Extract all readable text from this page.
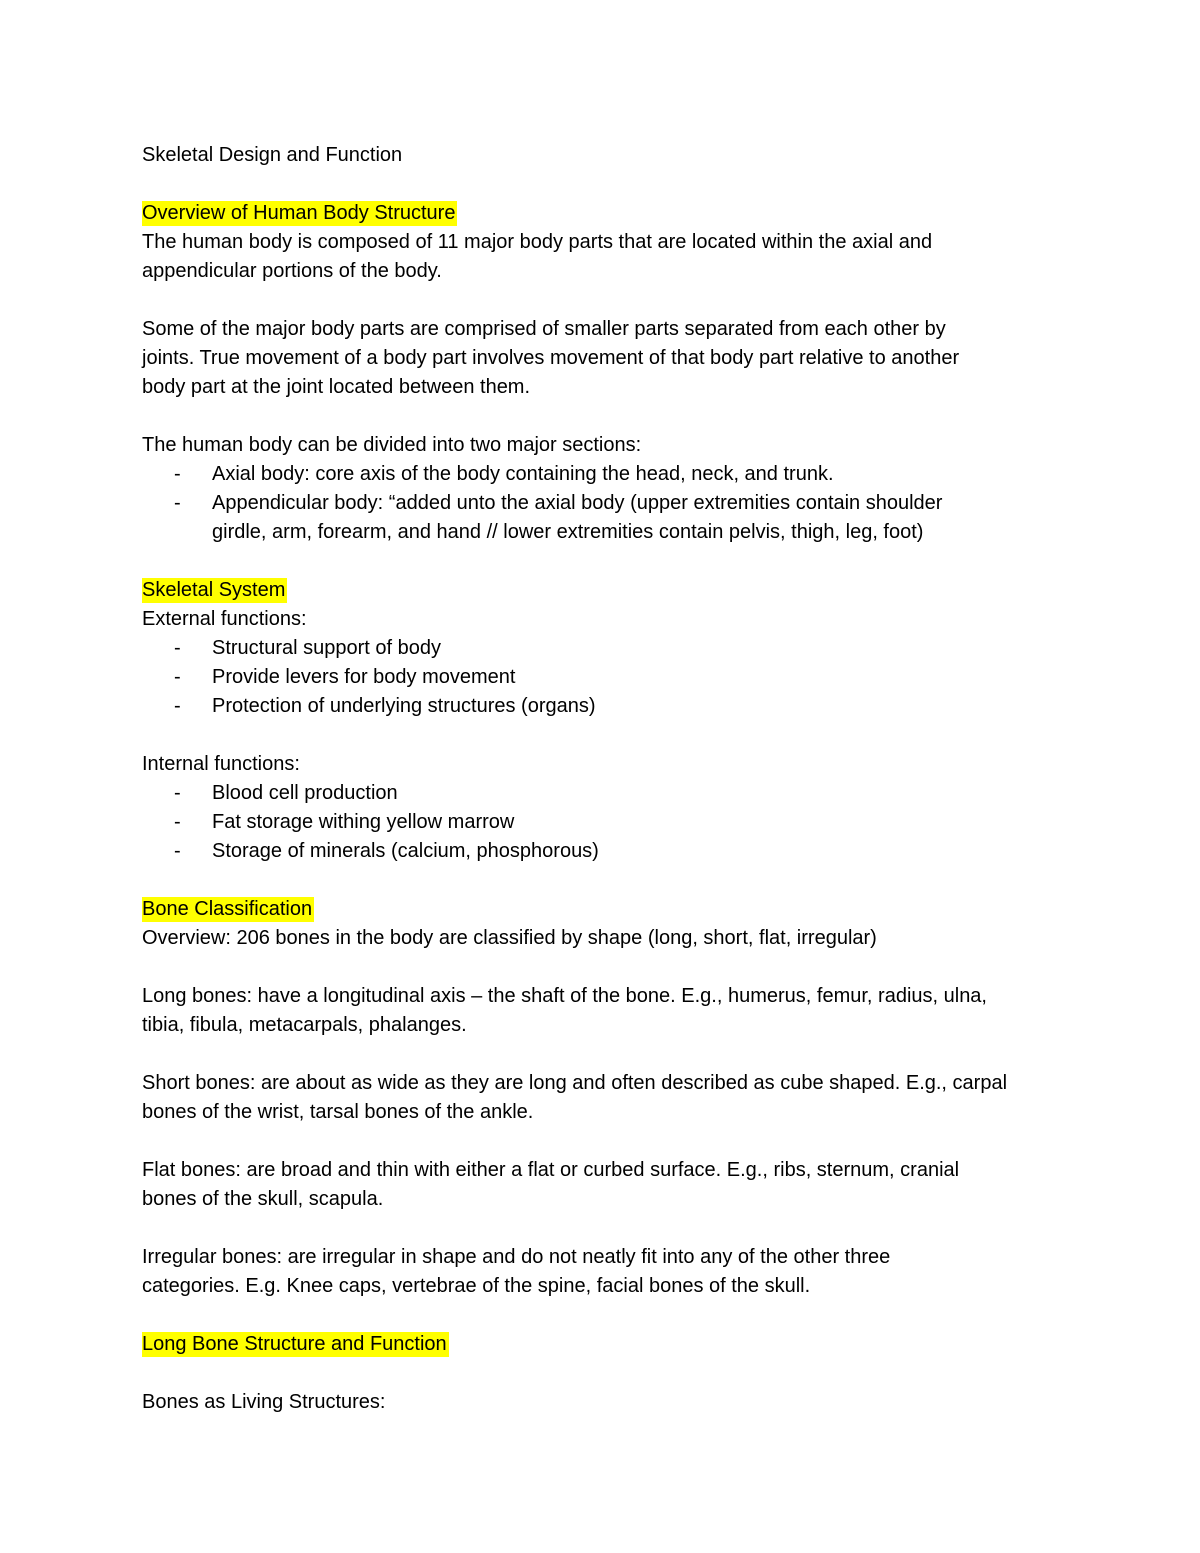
Skeletal Design and Function

Overview of Human Body Structure

The human body is composed of 11 major body parts that are located within the axial and

appendicular portions of the body.

Some of the major body parts are comprised of smaller parts separated from each other by

joints. True movement of a body part involves movement of that body part relative to another

body part at the joint located between them.

The human body can be divided into two major sections:

- Axial body: core axis of the body containing the head, neck, and trunk.

- Appendicular body: “added unto the axial body (upper extremities contain shoulder

girdle, arm, forearm, and hand // lower extremities contain pelvis, thigh, leg, foot)

Skeletal System

External functions:

- Structural support of body

- Provide levers for body movement

- Protection of underlying structures (organs)

Internal functions:

- Blood cell production

- Fat storage withing yellow marrow

- Storage of minerals (calcium, phosphorous)

Bone Classification

Overview: 206 bones in the body are classified by shape (long, short, flat, irregular)

Long bones: have a longitudinal axis – the shaft of the bone. E.g., humerus, femur, radius, ulna,

tibia, fibula, metacarpals, phalanges.

Short bones: are about as wide as they are long and often described as cube shaped. E.g., carpal

bones of the wrist, tarsal bones of the ankle.

Flat bones: are broad and thin with either a flat or curbed surface. E.g., ribs, sternum, cranial

bones of the skull, scapula.

Irregular bones: are irregular in shape and do not neatly fit into any of the other three

categories. E.g. Knee caps, vertebrae of the spine, facial bones of the skull.

Long Bone Structure and Function

Bones as Living Structures:
